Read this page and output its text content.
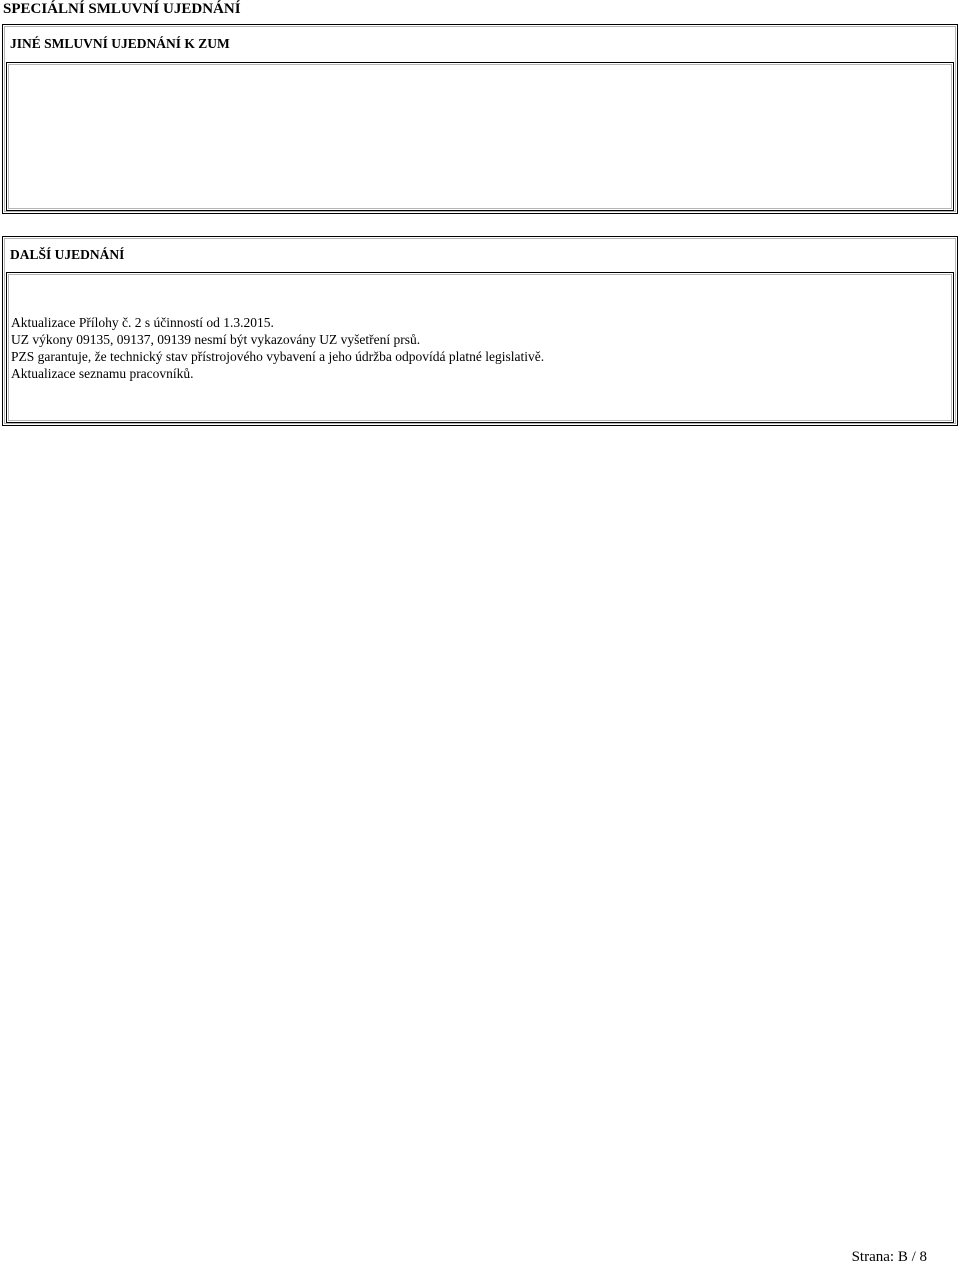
SPECIÁLNÍ SMLUVNÍ UJEDNÁNÍ
JINÉ SMLUVNÍ UJEDNÁNÍ K ZUM
DALŠÍ UJEDNÁNÍ
Aktualizace Přílohy č. 2 s účinností od 1.3.2015.
UZ výkony 09135, 09137, 09139 nesmí být vykazovány UZ vyšetření prsů.
PZS garantuje, že technický stav přístrojového vybavení a jeho údržba odpovídá platné legislativě.
Aktualizace seznamu pracovníků.
Strana: B / 8
